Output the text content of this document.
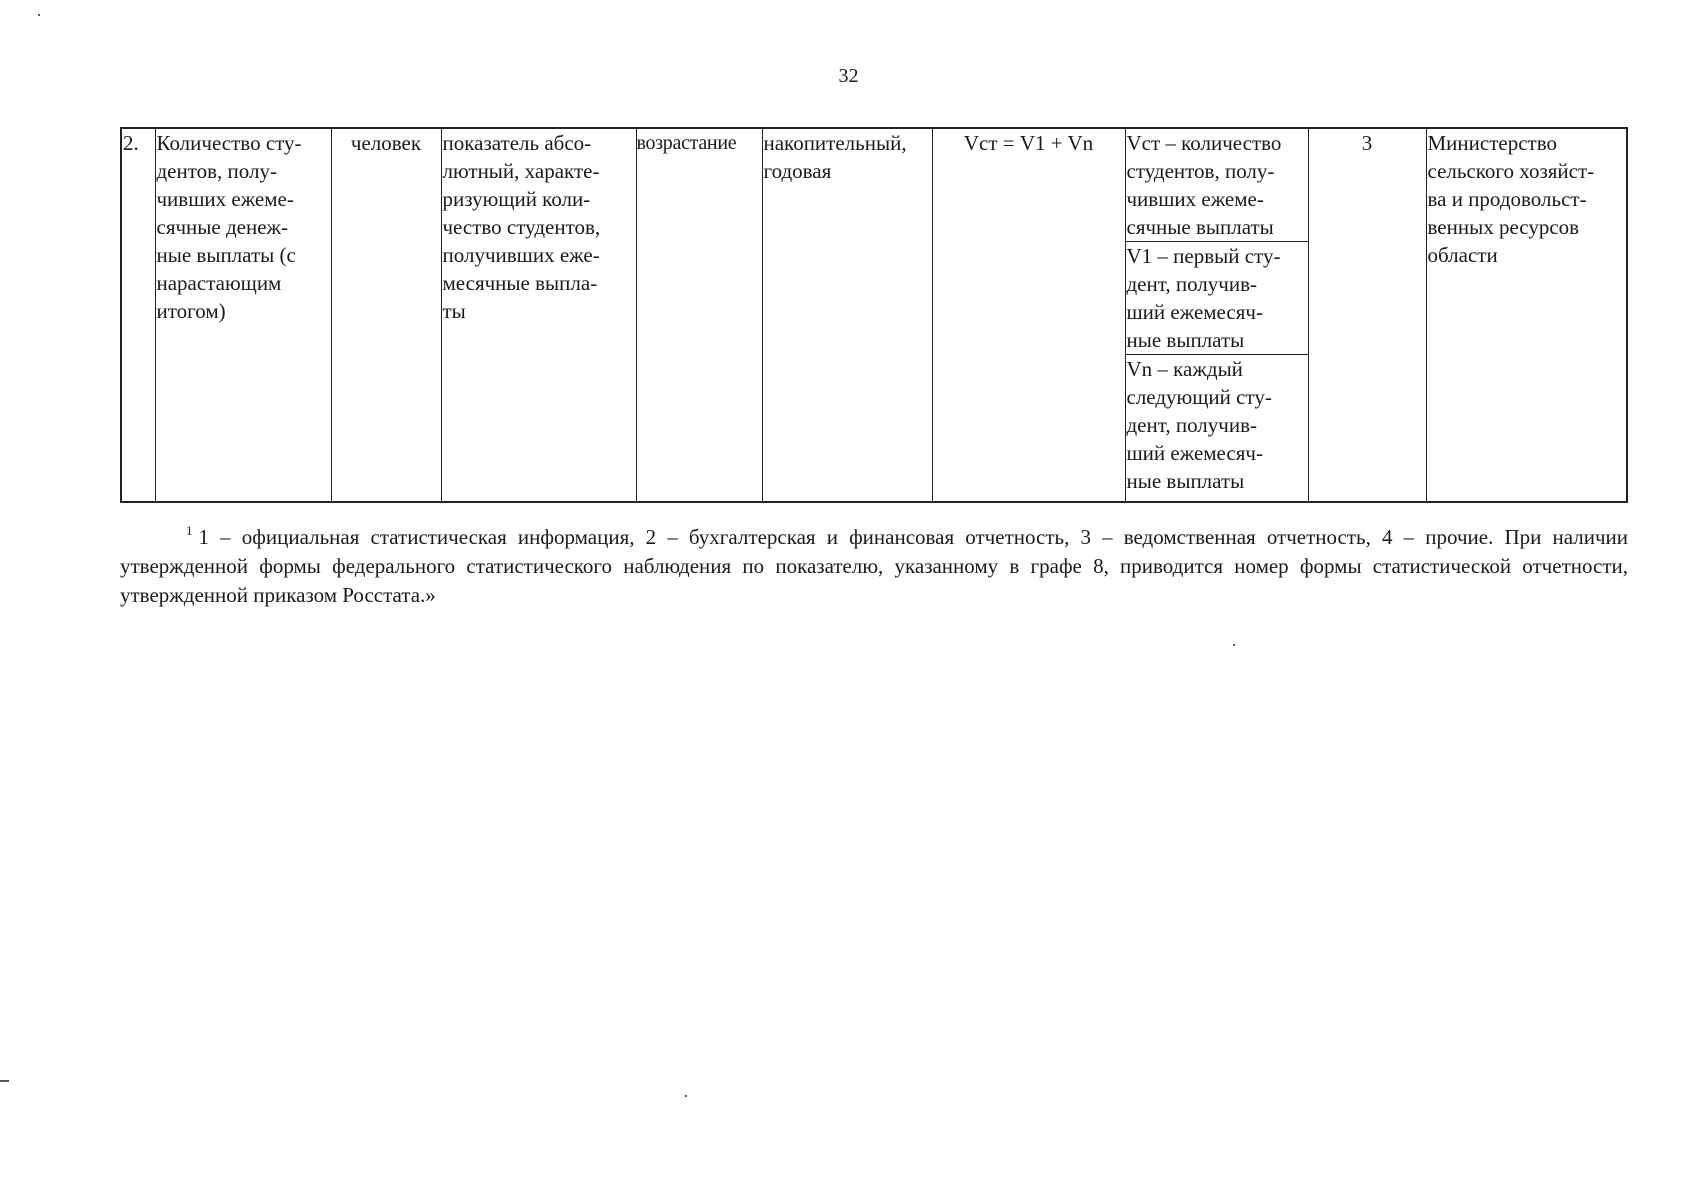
32
2.	Количество сту-
дентов, полу-
чивших ежеме-
сячные денеж-
ные выплаты (с
нарастающим
итогом)	человек	показатель абсо-
лютный, характе-
ризующий коли-
чество студентов,
получивших еже-
месячные выпла-
ты	возрастание	накопительный,
годовая	Vст = V1 + Vn	Vст – количество
студентов, полу-
чивших ежеме-
сячные выплаты
V1 – первый сту-
дент, получив-
ший ежемесяч-
ные выплаты
Vn – каждый
следующий сту-
дент, получив-
ший ежемесяч-
ные выплаты
	3	Министерство
сельского хозяйст-
ва и продовольст-
венных ресурсов
области
$^1$ 1 – официальная статистическая информация, 2 – бухгалтерская и финансовая отчетность, 3 – ведомственная отчетность, 4 – прочие. При наличии утвержденной формы федерального статистического наблюдения по показателю, указанному в графе 8, приводится номер формы статистической отчетности, утвержденной приказом Росстата.»
